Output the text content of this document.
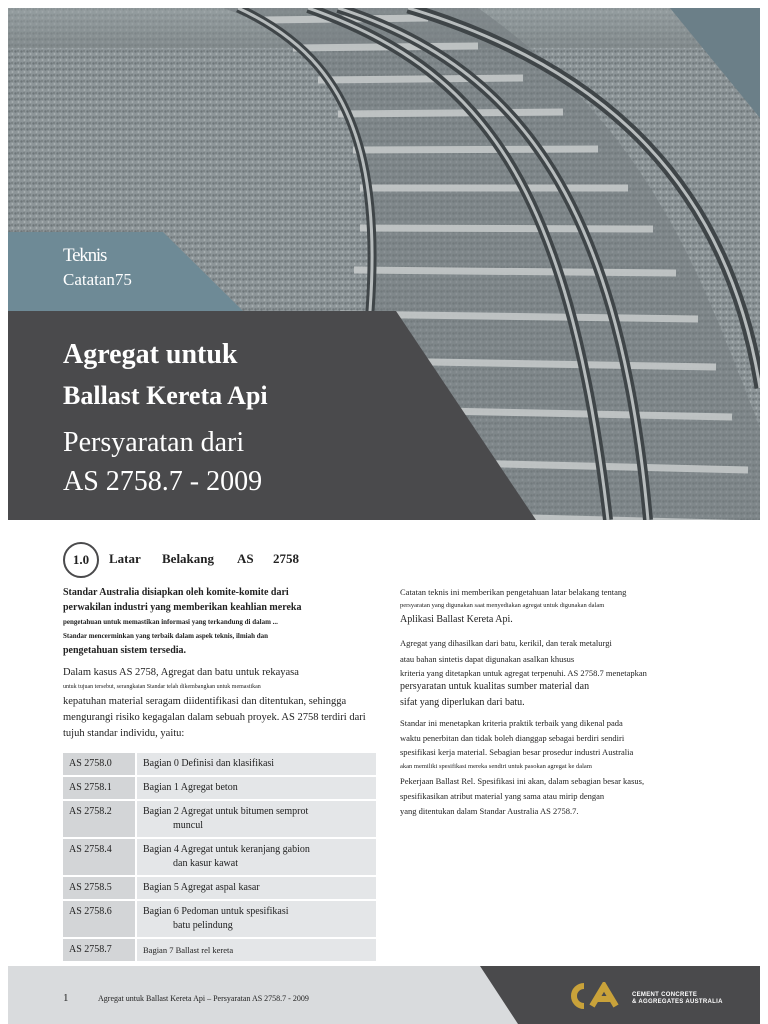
Teknis
Catatan75
Agregat untuk
Ballast Kereta Api
Persyaratan dari
AS 2758.7 - 2009
1.0	Latar Belakang AS 2758

Standar Australia disiapkan oleh komite-komite dari

perwakilan industri yang memberikan keahlian mereka

pengetahuan untuk memastikan informasi yang terkandung di dalam ...

Standar mencerminkan yang terbaik dalam aspek teknis, ilmiah dan

pengetahuan sistem tersedia.

Dalam kasus AS 2758, Agregat dan batu untuk rekayasa

untuk tujuan tersebut, serangkaian Standar telah dikembangkan untuk memastikan

kepatuhan material seragam diidentifikasi dan ditentukan, sehingga

mengurangi risiko kegagalan dalam sebuah proyek. AS 2758 terdiri dari

tujuh standar individu, yaitu:

AS 2758.0	Bagian 0 Definisi dan klasifikasi
AS 2758.1	Bagian 1 Agregat beton
AS 2758.2	Bagian 2 Agregat untuk bitumen semprot
muncul

AS 2758.4	Bagian 4 Agregat untuk keranjang gabion
dan kasur kawat

AS 2758.5	Bagian 5 Agregat aspal kasar
AS 2758.6	Bagian 6 Pedoman untuk spesifikasi
batu pelindung

AS 2758.7	Bagian 7 Ballast rel kereta

Catatan teknis ini memberikan pengetahuan latar belakang tentang

persyaratan yang digunakan saat menyediakan agregat untuk digunakan dalam

Aplikasi Ballast Kereta Api.

Agregat yang dihasilkan dari batu, kerikil, dan terak metalurgi

atau bahan sintetis dapat digunakan asalkan khusus

kriteria yang ditetapkan untuk agregat terpenuhi. AS 2758.7 menetapkan

persyaratan untuk kualitas sumber material dan

sifat yang diperlukan dari batu.

Standar ini menetapkan kriteria praktik terbaik yang dikenal pada

waktu penerbitan dan tidak boleh dianggap sebagai berdiri sendiri

spesifikasi kerja material. Sebagian besar prosedur industri Australia

akan memiliki spesifikasi mereka sendiri untuk pasokan agregat ke dalam

Pekerjaan Ballast Rel. Spesifikasi ini akan, dalam sebagian besar kasus,

spesifikasikan atribut material yang sama atau mirip dengan

yang ditentukan dalam Standar Australia AS 2758.7.

1	Agregat untuk Ballast Kereta Api – Persyaratan AS 2758.7 - 2009	CEMENT CONCRETE
& AGGREGATES AUSTRALIA
